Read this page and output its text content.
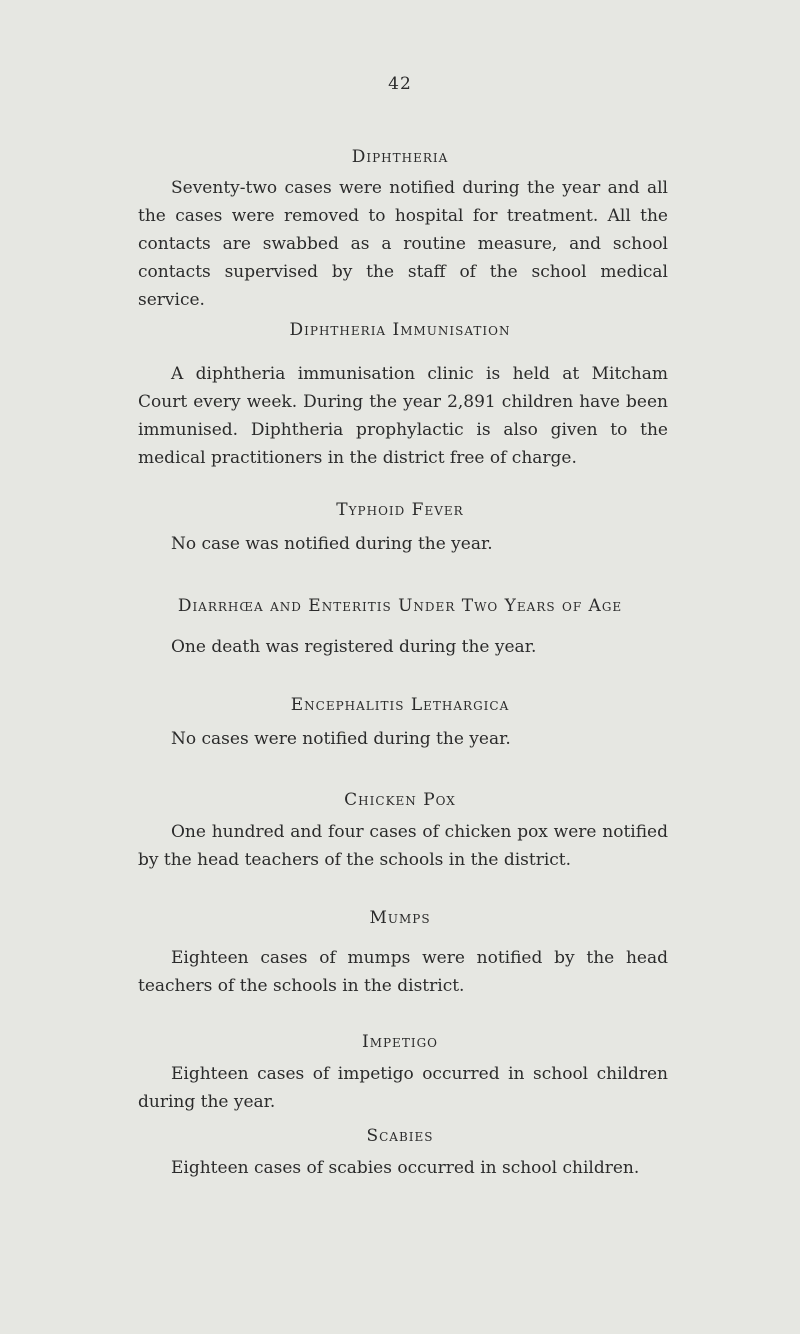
42
Diphtheria

Seventy-two cases were notified during the year and all the cases were removed to hospital for treatment. All the contacts are swabbed as a routine measure, and school contacts supervised by the staff of the school medical service.

Diphtheria Immunisation

A diphtheria immunisation clinic is held at Mitcham Court every week. During the year 2,891 children have been immunised. Diphtheria prophylactic is also given to the medical practitioners in the district free of charge.

Typhoid Fever

No case was notified during the year.

Diarrhœa and Enteritis Under Two Years of Age

One death was registered during the year.

Encephalitis Lethargica

No cases were notified during the year.

Chicken Pox

One hundred and four cases of chicken pox were notified by the head teachers of the schools in the district.

Mumps

Eighteen cases of mumps were notified by the head teachers of the schools in the district.

Impetigo

Eighteen cases of impetigo occurred in school children during the year.

Scabies

Eighteen cases of scabies occurred in school children.
